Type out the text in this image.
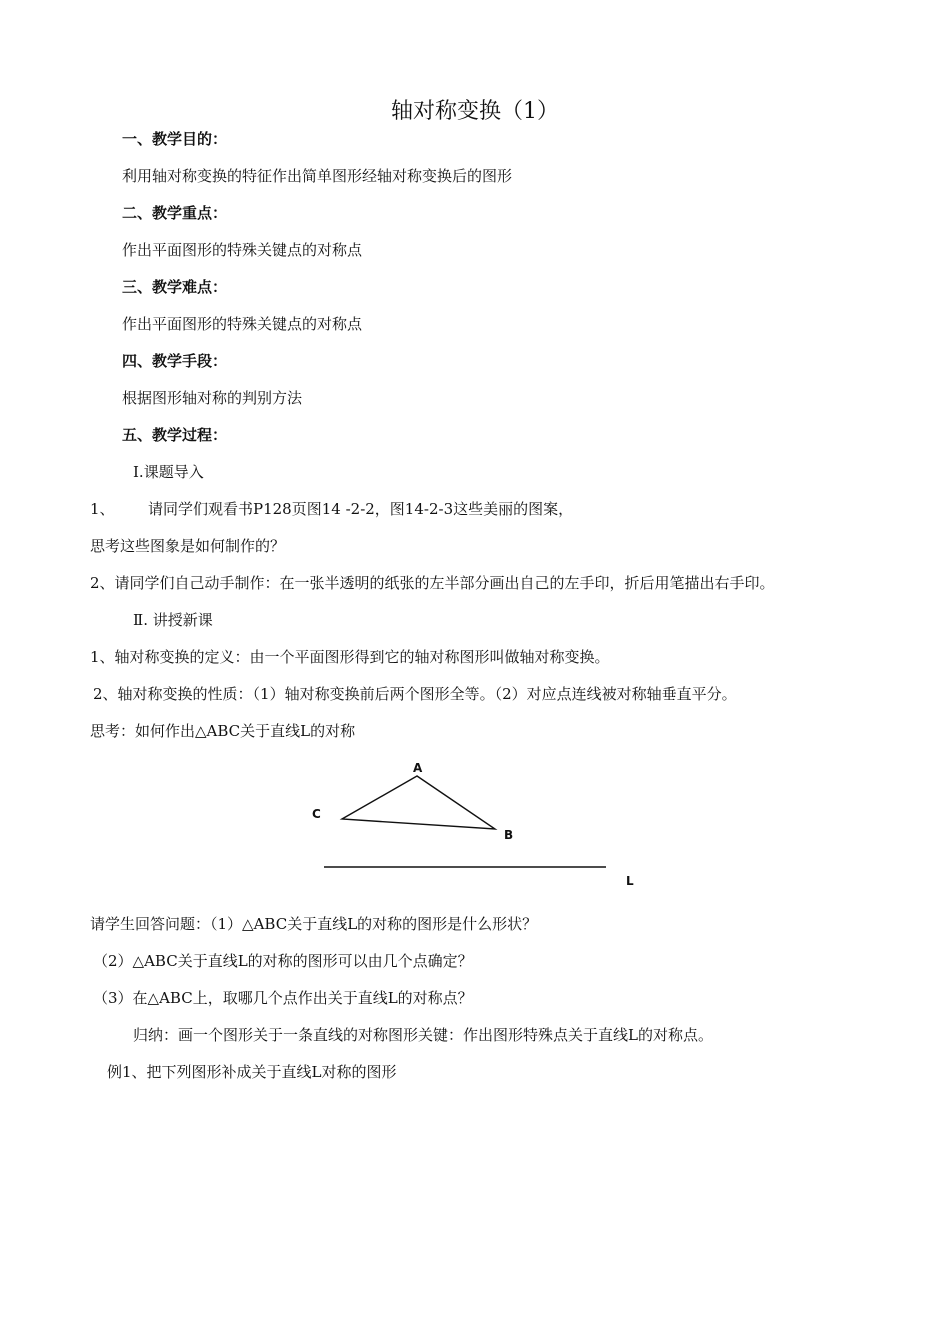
轴对称变换（1）
一、教学目的：
利用轴对称变换的特征作出简单图形经轴对称变换后的图形
二、教学重点：
作出平面图形的特殊关键点的对称点
三、教学难点：
作出平面图形的特殊关键点的对称点
四、教学手段：
根据图形轴对称的判别方法
五、教学过程：
Ⅰ.课题导入
1、 请同学们观看书P128页图14 -2-2，图14-2-3这些美丽的图案，
思考这些图象是如何制作的？
2、请同学们自己动手制作：在一张半透明的纸张的左半部分画出自己的左手印，折后用笔描出右手印。
Ⅱ. 讲授新课
1、轴对称变换的定义：由一个平面图形得到它的轴对称图形叫做轴对称变换。
2、轴对称变换的性质：（1）轴对称变换前后两个图形全等。（2）对应点连线被对称轴垂直平分。
思考：如何作出△ABC关于直线L的对称
A
B
C
L
请学生回答问题：（1）△ABC关于直线L的对称的图形是什么形状？
（2）△ABC关于直线L的对称的图形可以由几个点确定？
（3）在△ABC上，取哪几个点作出关于直线L的对称点？
归纳：画一个图形关于一条直线的对称图形关键：作出图形特殊点关于直线L的对称点。
例1、把下列图形补成关于直线L对称的图形
